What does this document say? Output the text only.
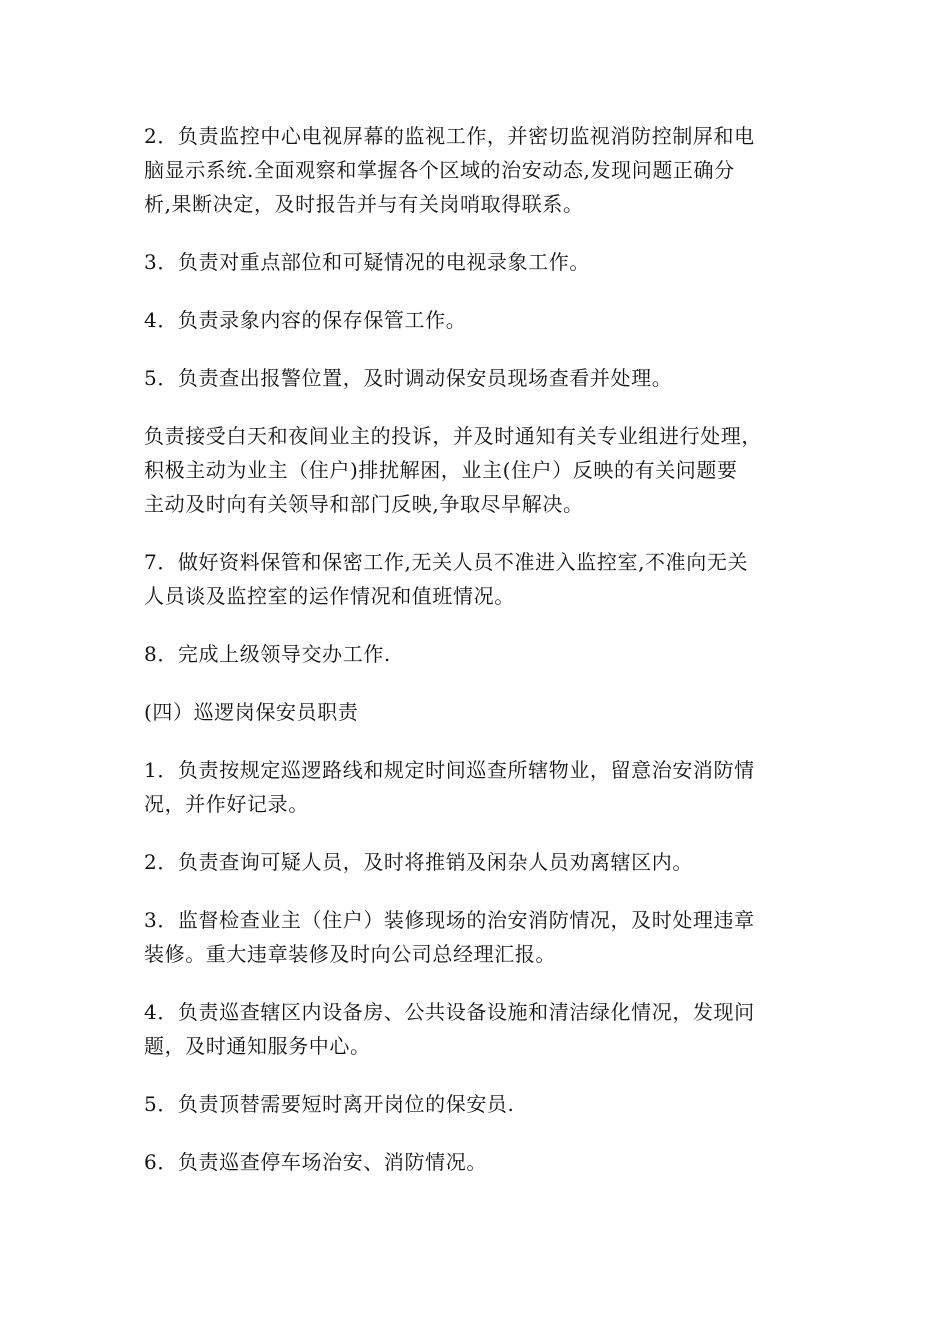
2．负责监控中心电视屏幕的监视工作，并密切监视消防控制屏和电
脑显示系统.全面观察和掌握各个区域的治安动态,发现问题正确分
析,果断决定，及时报告并与有关岗哨取得联系。

3．负责对重点部位和可疑情况的电视录象工作。

4．负责录象内容的保存保管工作。

5．负责查出报警位置，及时调动保安员现场查看并处理。

负责接受白天和夜间业主的投诉，并及时通知有关专业组进行处理，
积极主动为业主（住户)排扰解困，业主(住户）反映的有关问题要
主动及时向有关领导和部门反映,争取尽早解决。

7．做好资料保管和保密工作,无关人员不准进入监控室,不准向无关
人员谈及监控室的运作情况和值班情况。

8．完成上级领导交办工作.

(四）巡逻岗保安员职责

1．负责按规定巡逻路线和规定时间巡查所辖物业，留意治安消防情
况，并作好记录。

2．负责查询可疑人员，及时将推销及闲杂人员劝离辖区内。

3．监督检查业主（住户）装修现场的治安消防情况，及时处理违章
装修。重大违章装修及时向公司总经理汇报。

4．负责巡查辖区内设备房、公共设备设施和清洁绿化情况，发现问
题，及时通知服务中心。

5．负责顶替需要短时离开岗位的保安员.

6．负责巡查停车场治安、消防情况。
